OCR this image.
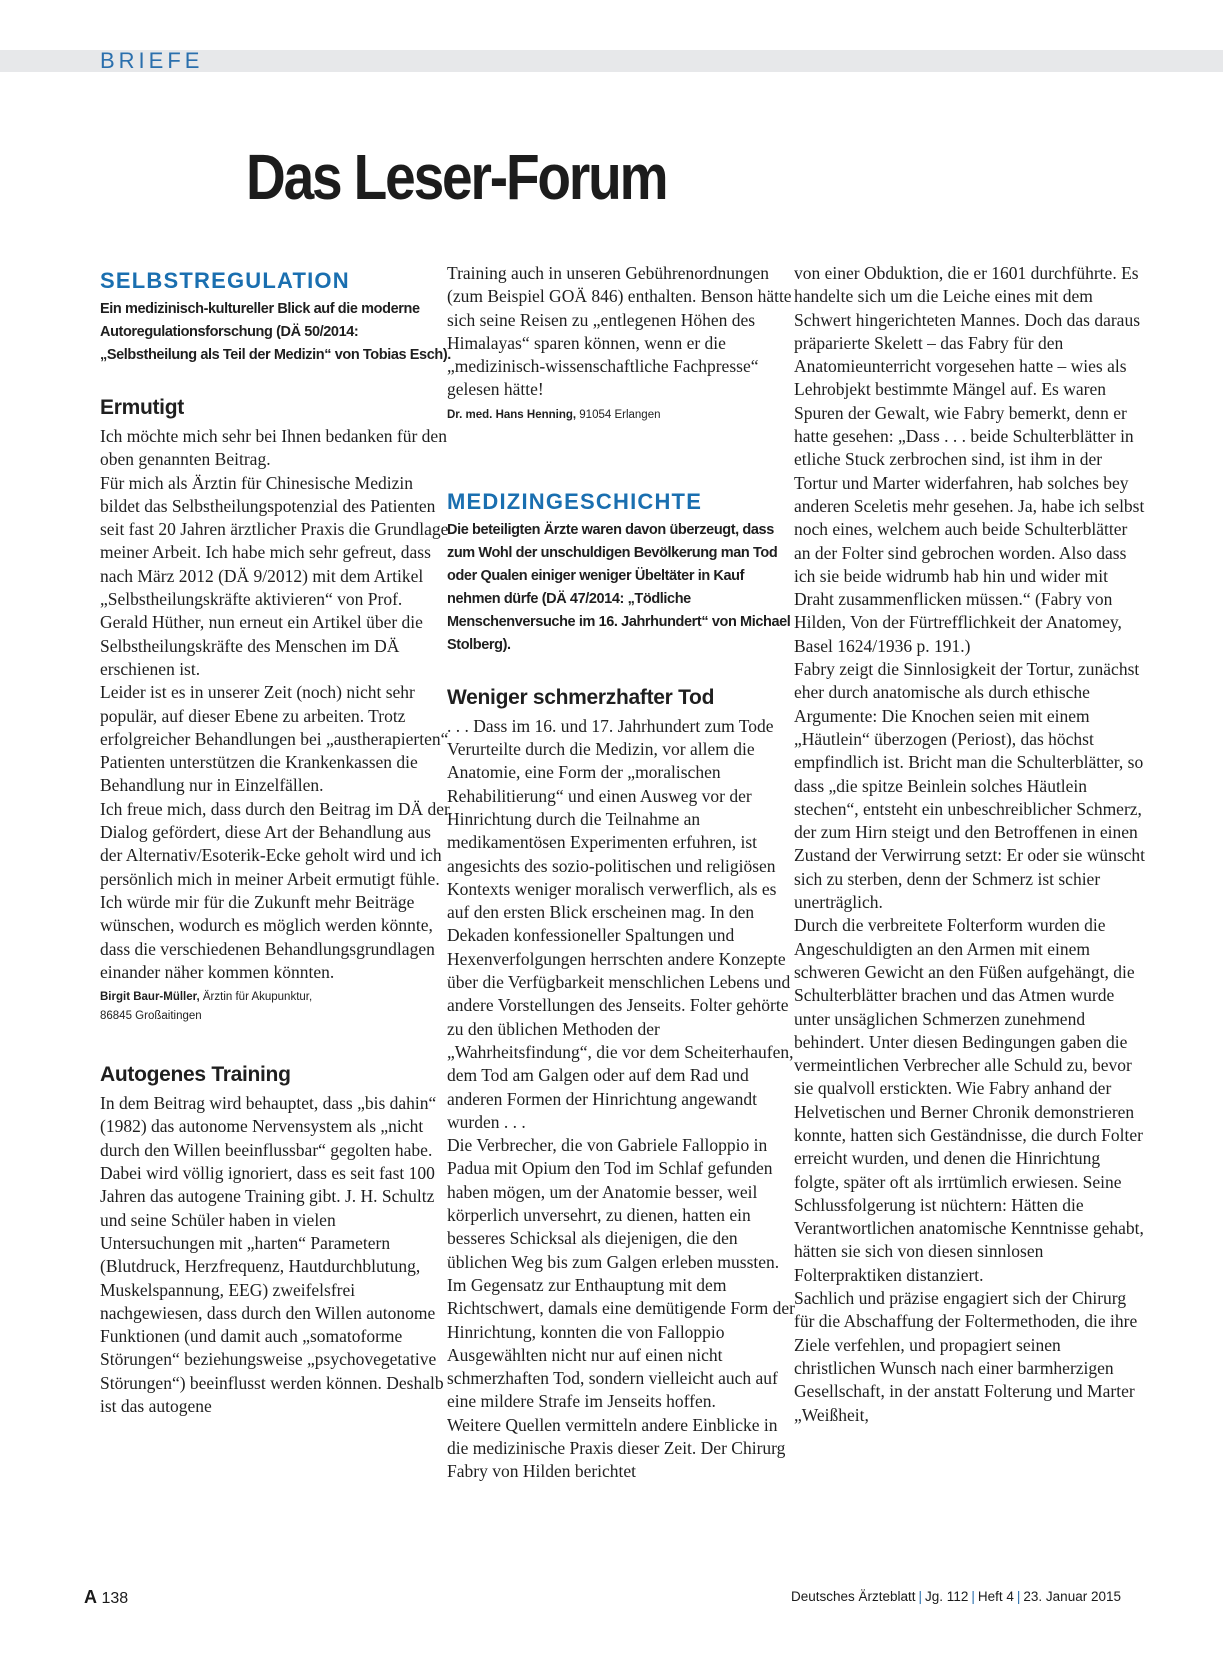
BRIEFE
Das Leser-Forum
SELBSTREGULATION

Ein medizinisch-kultureller Blick auf die moderne Autoregulationsforschung (DÄ 50/2014: „Selbstheilung als Teil der Medizin“ von Tobias Esch).

Ermutigt

Ich möchte mich sehr bei Ihnen bedanken für den oben genannten Beitrag.

Für mich als Ärztin für Chinesische Medizin bildet das Selbstheilungspotenzial des Patienten seit fast 20 Jahren ärztlicher Praxis die Grundlage meiner Arbeit. Ich habe mich sehr gefreut, dass nach März 2012 (DÄ 9/2012) mit dem Artikel „Selbstheilungskräfte aktivieren“ von Prof. Gerald Hüther, nun erneut ein Artikel über die Selbstheilungskräfte des Menschen im DÄ erschienen ist.

Leider ist es in unserer Zeit (noch) nicht sehr populär, auf dieser Ebene zu arbeiten. Trotz erfolgreicher Behandlungen bei „austherapierten“ Patienten unterstützen die Krankenkassen die Behandlung nur in Einzelfällen.

Ich freue mich, dass durch den Beitrag im DÄ der Dialog gefördert, diese Art der Behandlung aus der Alternativ/Esoterik-Ecke geholt wird und ich persönlich mich in meiner Arbeit ermutigt fühle. Ich würde mir für die Zukunft mehr Beiträge wünschen, wodurch es möglich werden könnte, dass die verschiedenen Behandlungsgrundlagen einander näher kommen könnten.

Birgit Baur-Müller, Ärztin für Akupunktur,
86845 Großaitingen
Autogenes Training

In dem Beitrag wird behauptet, dass „bis dahin“ (1982) das autonome Nervensystem als „nicht durch den Willen beeinflussbar“ gegolten habe. Dabei wird völlig ignoriert, dass es seit fast 100 Jahren das autogene Training gibt. J. H. Schultz und seine Schüler haben in vielen Untersuchungen mit „harten“ Parametern (Blutdruck, Herzfrequenz, Hautdurchblutung, Muskelspannung, EEG) zweifelsfrei nachgewiesen, dass durch den Willen autonome Funktionen (und damit auch „somatoforme Störungen“ beziehungsweise „psychovegetative Störungen“) beeinflusst werden können. Deshalb ist das autogene

Training auch in unseren Gebührenordnungen (zum Beispiel GOÄ 846) enthalten. Benson hätte sich seine Reisen zu „entlegenen Höhen des Himalayas“ sparen können, wenn er die „medizinisch-wissenschaftliche Fachpresse“ gelesen hätte!

Dr. med. Hans Henning, 91054 Erlangen
MEDIZINGESCHICHTE

Die beteiligten Ärzte waren davon überzeugt, dass zum Wohl der unschuldigen Bevölkerung man Tod oder Qualen einiger weniger Übeltäter in Kauf nehmen dürfe (DÄ 47/2014: „Tödliche Menschenversuche im 16. Jahrhundert“ von Michael Stolberg).

Weniger schmerzhafter Tod

. . . Dass im 16. und 17. Jahrhundert zum Tode Verurteilte durch die Medizin, vor allem die Anatomie, eine Form der „moralischen Rehabilitierung“ und einen Ausweg vor der Hinrichtung durch die Teilnahme an medikamentösen Experimenten erfuhren, ist angesichts des sozio-politischen und religiösen Kontexts weniger moralisch verwerflich, als es auf den ersten Blick erscheinen mag. In den Dekaden konfessioneller Spaltungen und Hexenverfolgungen herrschten andere Konzepte über die Verfügbarkeit menschlichen Lebens und andere Vorstellungen des Jenseits. Folter gehörte zu den üblichen Methoden der „Wahrheitsfindung“, die vor dem Scheiterhaufen, dem Tod am Galgen oder auf dem Rad und anderen Formen der Hinrichtung angewandt wurden . . .

Die Verbrecher, die von Gabriele Falloppio in Padua mit Opium den Tod im Schlaf gefunden haben mögen, um der Anatomie besser, weil körperlich unversehrt, zu dienen, hatten ein besseres Schicksal als diejenigen, die den üblichen Weg bis zum Galgen erleben mussten. Im Gegensatz zur Enthauptung mit dem Richtschwert, damals eine demütigende Form der Hinrichtung, konnten die von Falloppio Ausgewählten nicht nur auf einen nicht schmerzhaften Tod, sondern vielleicht auch auf eine mildere Strafe im Jenseits hoffen.

Weitere Quellen vermitteln andere Einblicke in die medizinische Praxis dieser Zeit. Der Chirurg Fabry von Hilden berichtet

von einer Obduktion, die er 1601 durchführte. Es handelte sich um die Leiche eines mit dem Schwert hingerichteten Mannes. Doch das daraus präparierte Skelett – das Fabry für den Anatomieunterricht vorgesehen hatte – wies als Lehrobjekt bestimmte Mängel auf. Es waren Spuren der Gewalt, wie Fabry bemerkt, denn er hatte gesehen: „Dass . . . beide Schulterblätter in etliche Stuck zerbrochen sind, ist ihm in der Tortur und Marter widerfahren, hab solches bey anderen Sceletis mehr gesehen. Ja, habe ich selbst noch eines, welchem auch beide Schulterblätter an der Folter sind gebrochen worden. Also dass ich sie beide widrumb hab hin und wider mit Draht zusammenflicken müssen.“ (Fabry von Hilden, Von der Fürtrefflichkeit der Anatomey, Basel 1624/1936 p. 191.)

Fabry zeigt die Sinnlosigkeit der Tortur, zunächst eher durch anatomische als durch ethische Argumente: Die Knochen seien mit einem „Häutlein“ überzogen (Periost), das höchst empfindlich ist. Bricht man die Schulterblätter, so dass „die spitze Beinlein solches Häutlein stechen“, entsteht ein unbeschreiblicher Schmerz, der zum Hirn steigt und den Betroffenen in einen Zustand der Verwirrung setzt: Er oder sie wünscht sich zu sterben, denn der Schmerz ist schier unerträglich.

Durch die verbreitete Folterform wurden die Angeschuldigten an den Armen mit einem schweren Gewicht an den Füßen aufgehängt, die Schulterblätter brachen und das Atmen wurde unter unsäglichen Schmerzen zunehmend behindert. Unter diesen Bedingungen gaben die vermeintlichen Verbrecher alle Schuld zu, bevor sie qualvoll erstickten. Wie Fabry anhand der Helvetischen und Berner Chronik demonstrieren konnte, hatten sich Geständnisse, die durch Folter erreicht wurden, und denen die Hinrichtung folgte, später oft als irrtümlich erwiesen. Seine Schlussfolgerung ist nüchtern: Hätten die Verantwortlichen anatomische Kenntnisse gehabt, hätten sie sich von diesen sinnlosen Folterpraktiken distanziert.

Sachlich und präzise engagiert sich der Chirurg für die Abschaffung der Foltermethoden, die ihre Ziele verfehlen, und propagiert seinen christlichen Wunsch nach einer barmherzigen Gesellschaft, in der anstatt Folterung und Marter „Weißheit,

A 138	Deutsches Ärzteblatt | Jg. 112 | Heft 4 | 23. Januar 2015
